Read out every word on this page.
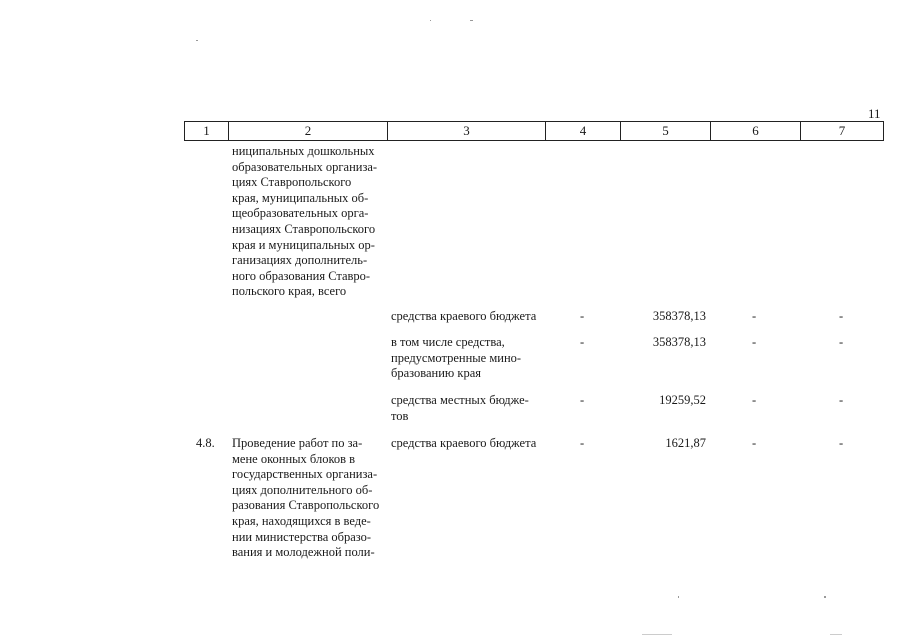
11
1	2	3	4	5	6	7
ниципальных дошкольных
образовательных организа-
циях Ставропольского
края, муниципальных об-
щеобразовательных орга-
низациях Ставропольского
края и муниципальных ор-
ганизациях дополнитель-
ного образования Ставро-
польского края, всего
средства краевого бюджета	-	358378,13	-	-
в том числе средства,
предусмотренные мино-
бразованию края
-	358378,13	-	-
средства местных бюдже-
тов
-	19259,52	-	-
4.8. Проведение работ по за-
мене оконных блоков в
государственных организа-
циях дополнительного об-
разования Ставропольского
края, находящихся в веде-
нии министерства образо-
вания и молодежной поли-
средства краевого бюджета	-	1621,87	-	-
